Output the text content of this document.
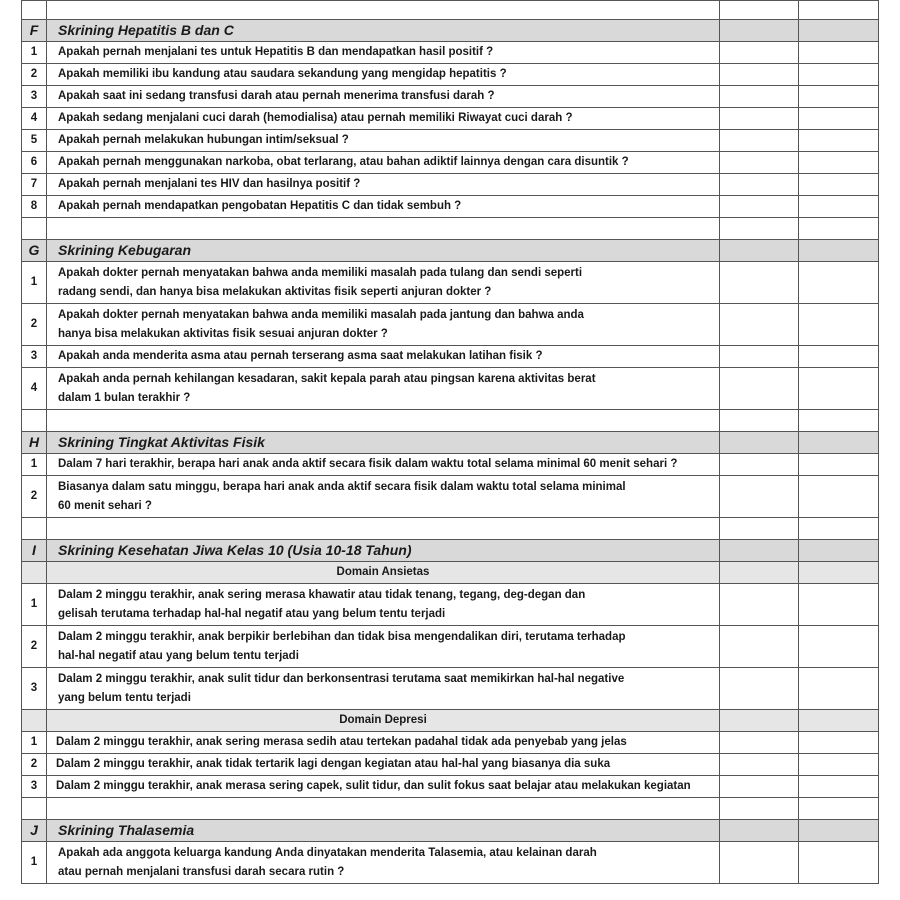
F	Skrining Hepatitis B dan C		
1	Apakah pernah menjalani tes untuk Hepatitis B dan mendapatkan hasil positif ?		
2	Apakah memiliki ibu kandung atau saudara sekandung yang mengidap hepatitis ?		
3	Apakah saat ini sedang transfusi darah atau pernah menerima transfusi darah ?		
4	Apakah sedang menjalani cuci darah (hemodialisa) atau pernah memiliki Riwayat cuci darah ?		
5	Apakah pernah melakukan hubungan intim/seksual ?		
6	Apakah pernah menggunakan narkoba, obat terlarang, atau bahan adiktif lainnya dengan cara disuntik ?		
7	Apakah pernah menjalani tes HIV dan hasilnya positif ?		
8	Apakah pernah mendapatkan pengobatan Hepatitis C dan tidak sembuh ?		

G	Skrining Kebugaran		
1	Apakah dokter pernah menyatakan bahwa anda memiliki masalah pada tulang dan sendi seperti
radang sendi, dan hanya bisa melakukan aktivitas fisik seperti anjuran dokter ?		

2	Apakah dokter pernah menyatakan bahwa anda memiliki masalah pada jantung dan bahwa anda
hanya bisa melakukan aktivitas fisik sesuai anjuran dokter ?		

3	Apakah anda menderita asma atau pernah terserang asma saat melakukan latihan fisik ?		
4	Apakah anda pernah kehilangan kesadaran, sakit kepala parah atau pingsan karena aktivitas berat
dalam 1 bulan terakhir ?		

H	Skrining Tingkat Aktivitas Fisik		
1	Dalam 7 hari terakhir, berapa hari anak anda aktif secara fisik dalam waktu total selama minimal 60 menit sehari ?		
2	Biasanya dalam satu minggu, berapa hari anak anda aktif secara fisik dalam waktu total selama minimal
60 menit sehari ?		

I	Skrining Kesehatan Jiwa Kelas 10 (Usia 10-18 Tahun)		
	Domain Ansietas		
1	Dalam 2 minggu terakhir, anak sering merasa khawatir atau tidak tenang, tegang, deg-degan dan
gelisah terutama terhadap hal-hal negatif atau yang belum tentu terjadi		

2	Dalam 2 minggu terakhir, anak berpikir berlebihan dan tidak bisa mengendalikan diri, terutama terhadap
hal-hal negatif atau yang belum tentu terjadi		

3	Dalam 2 minggu terakhir, anak sulit tidur dan berkonsentrasi terutama saat memikirkan hal-hal negative
yang belum tentu terjadi		

	Domain Depresi		
1	Dalam 2 minggu terakhir, anak sering merasa sedih atau tertekan padahal tidak ada penyebab yang jelas		
2	Dalam 2 minggu terakhir, anak tidak tertarik lagi dengan kegiatan atau hal-hal yang biasanya dia suka		
3	Dalam 2 minggu terakhir, anak merasa sering capek, sulit tidur, dan sulit fokus saat belajar atau melakukan kegiatan		

J	Skrining Thalasemia		
1	Apakah ada anggota keluarga kandung Anda dinyatakan menderita Talasemia, atau kelainan darah
atau pernah menjalani transfusi darah secara rutin ?		
